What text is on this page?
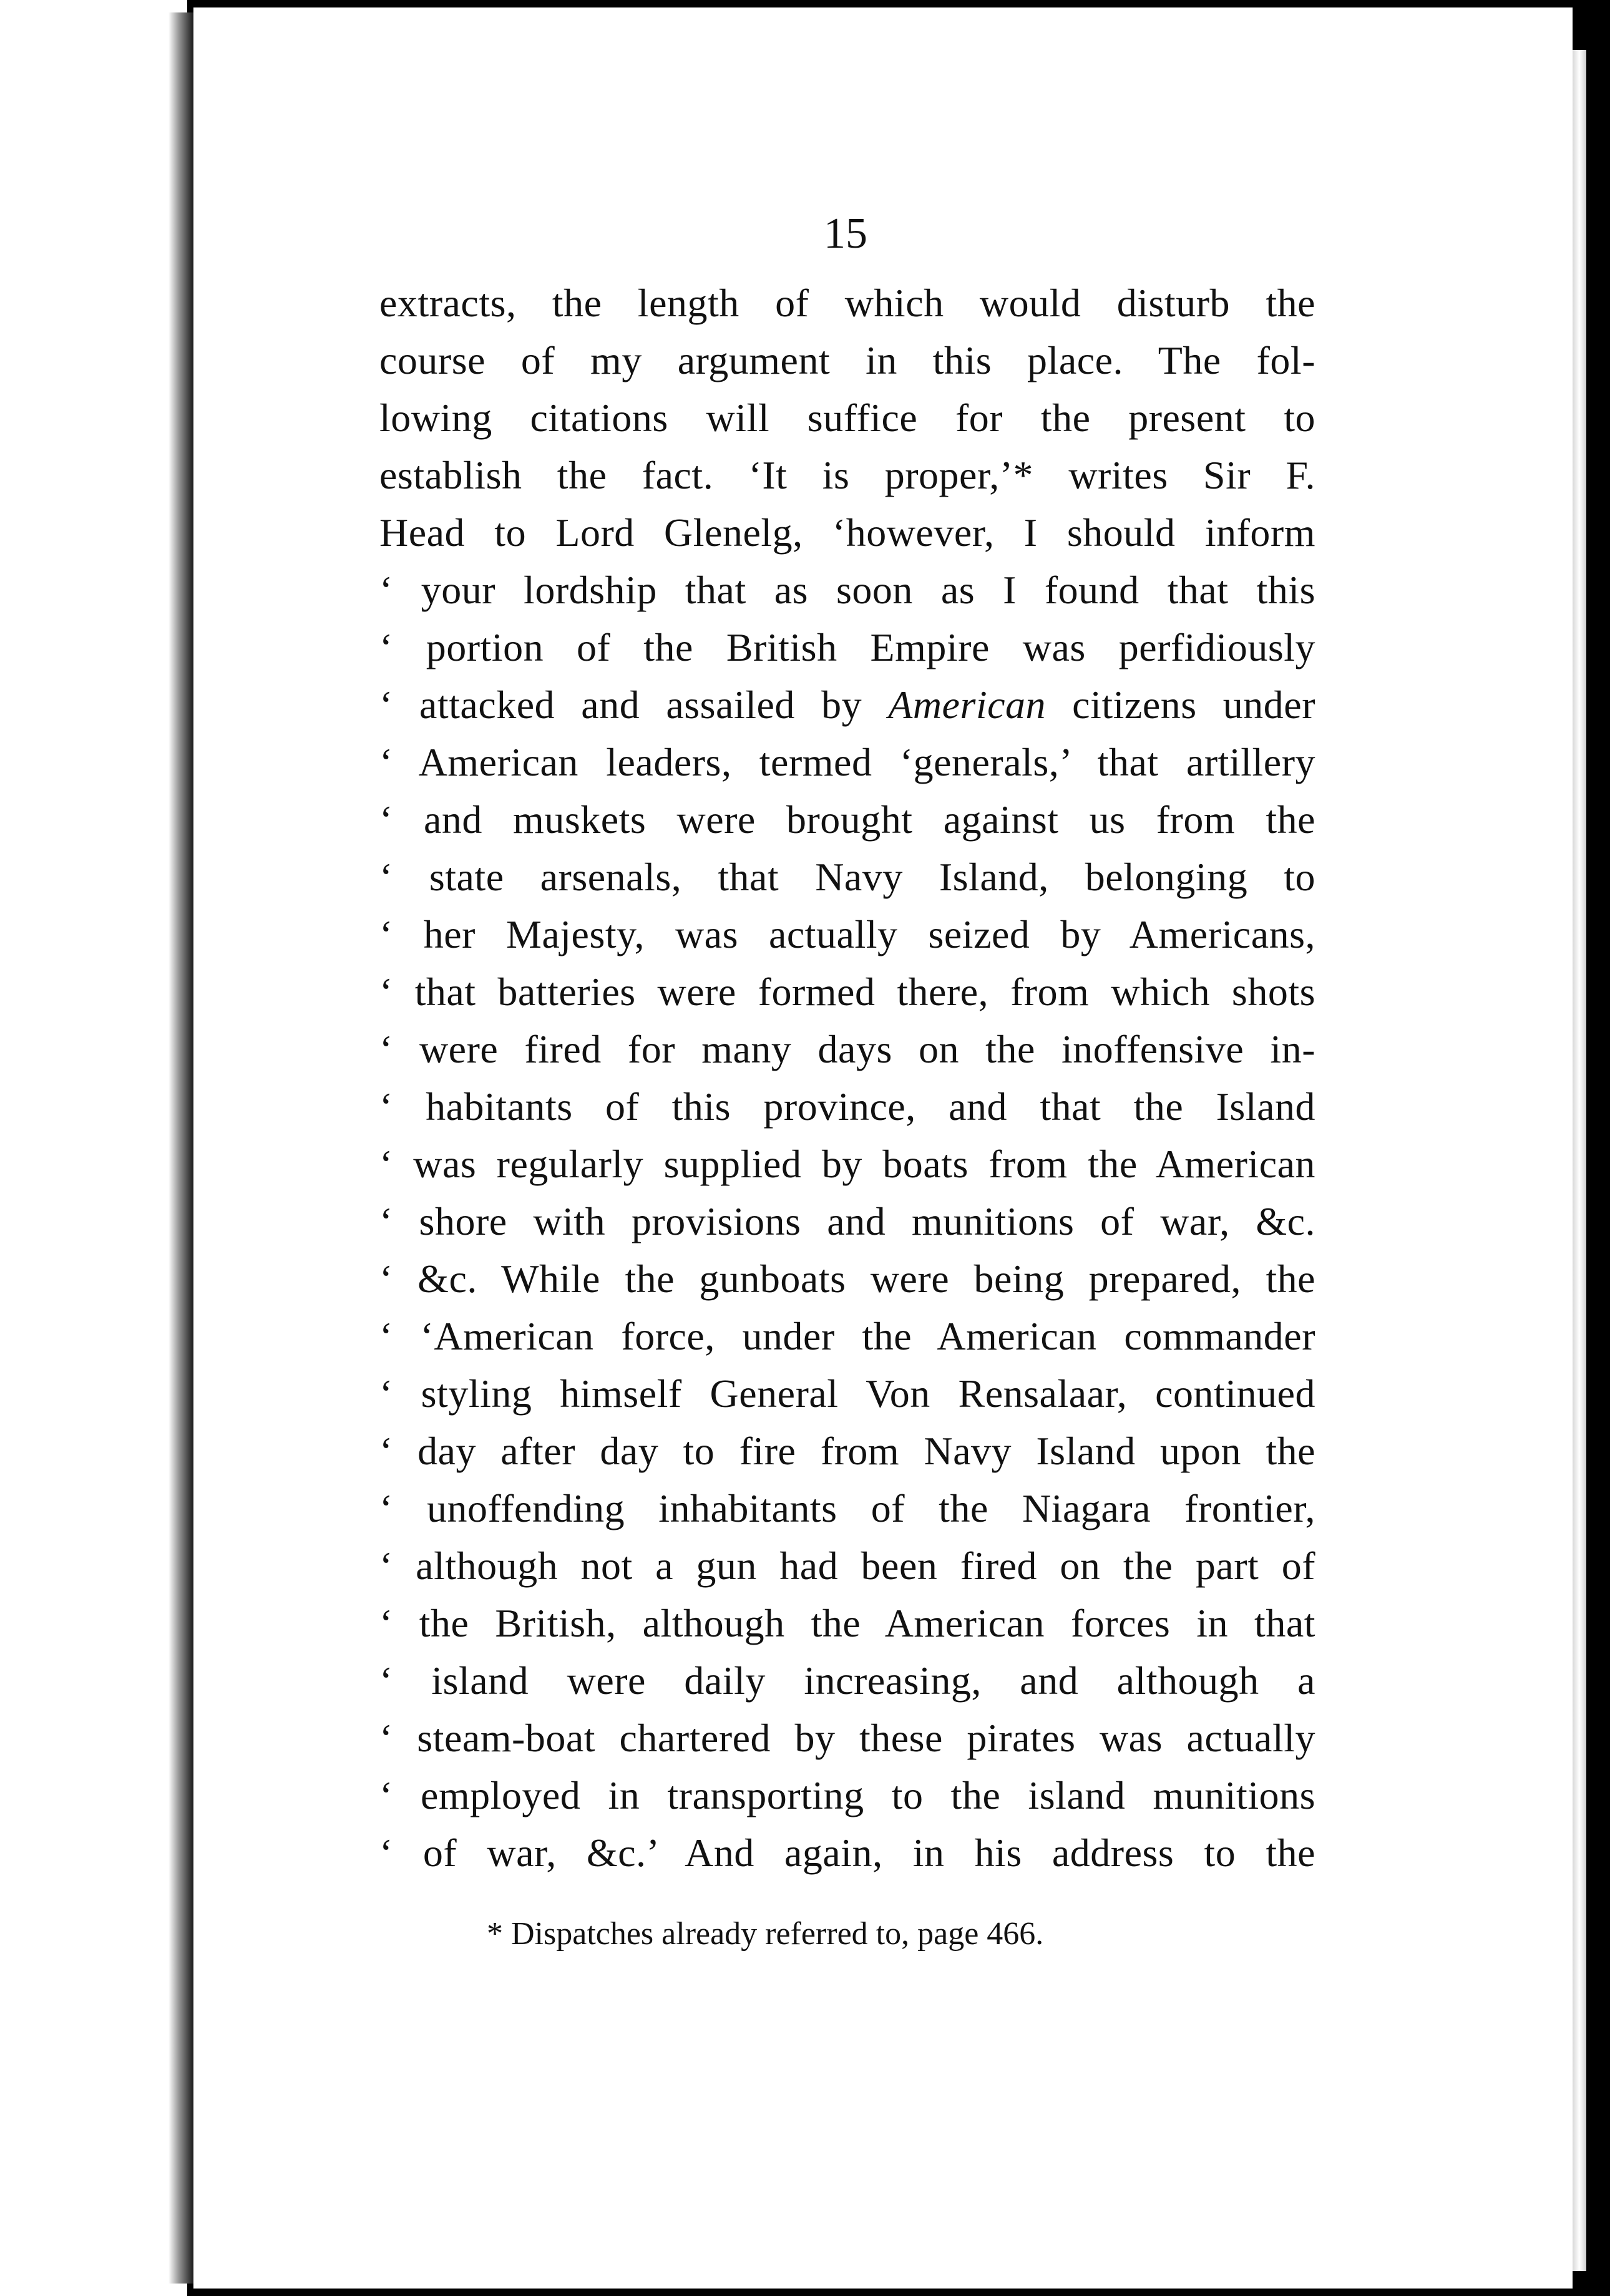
15
extracts, the length of which would disturb the
course of my argument in this place. The fol-
lowing citations will suffice for the present to
establish the fact. ‘It is proper,’* writes Sir F.
Head to Lord Glenelg, ‘however, I should inform
‘ your lordship that as soon as I found that this
‘ portion of the British Empire was perfidiously
‘ attacked and assailed by American citizens under
‘ American leaders, termed ‘generals,’ that artillery
‘ and muskets were brought against us from the
‘ state arsenals, that Navy Island, belonging to
‘ her Majesty, was actually seized by Americans,
‘ that batteries were formed there, from which shots
‘ were fired for many days on the inoffensive in-
‘ habitants of this province, and that the Island
‘ was regularly supplied by boats from the American
‘ shore with provisions and munitions of war, &c.
‘ &c. While the gunboats were being prepared, the
‘ ‘American force, under the American commander
‘ styling himself General Von Rensalaar, continued
‘ day after day to fire from Navy Island upon the
‘ unoffending inhabitants of the Niagara frontier,
‘ although not a gun had been fired on the part of
‘ the British, although the American forces in that
‘ island were daily increasing, and although a
‘ steam-boat chartered by these pirates was actually
‘ employed in transporting to the island munitions
‘ of war, &c.’ And again, in his address to the
* Dispatches already referred to, page 466.
